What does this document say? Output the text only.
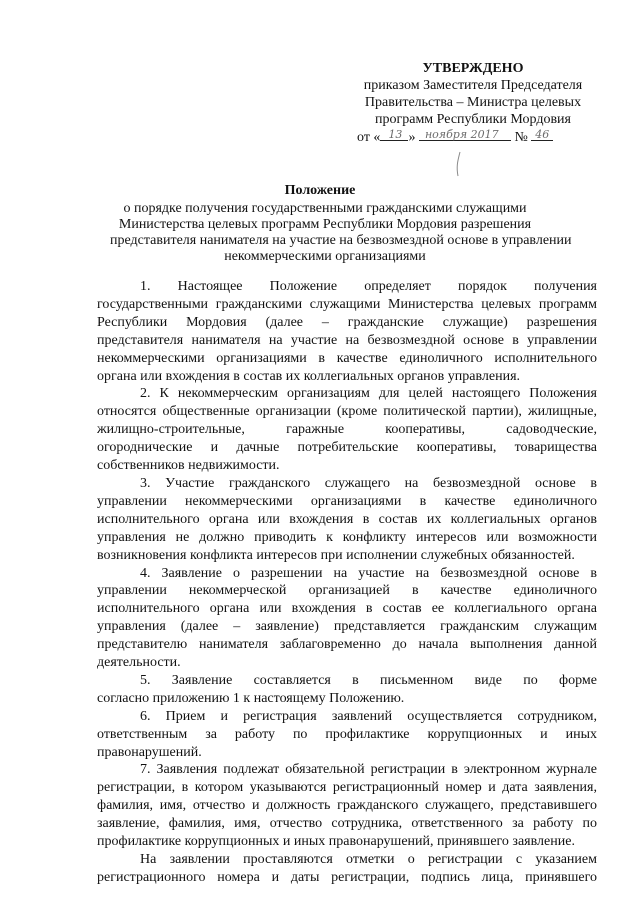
УТВЕРЖДЕНО
приказом Заместителя Председателя
Правительства – Министра целевых
программ Республики Мордовия
от « 13 » ноября 2017 № 46
Положение
о порядке получения государственными гражданскими служащими
Министерства целевых программ Республики Мордовия разрешения
представителя нанимателя на участие на безвозмездной основе в управлении
некоммерческими организациями
1. Настоящее Положение определяет порядок получения
государственными гражданскими служащими Министерства целевых программ
Республики Мордовия (далее – гражданские служащие) разрешения
представителя нанимателя на участие на безвозмездной основе в управлении
некоммерческими организациями в качестве единоличного исполнительного
органа или вхождения в состав их коллегиальных органов управления.
2. К некоммерческим организациям для целей настоящего Положения
относятся общественные организации (кроме политической партии), жилищные,
жилищно-строительные, гаражные кооперативы, садоводческие,
огороднические и дачные потребительские кооперативы, товарищества
собственников недвижимости.
3. Участие гражданского служащего на безвозмездной основе в
управлении некоммерческими организациями в качестве единоличного
исполнительного органа или вхождения в состав их коллегиальных органов
управления не должно приводить к конфликту интересов или возможности
возникновения конфликта интересов при исполнении служебных обязанностей.
4. Заявление о разрешении на участие на безвозмездной основе в
управлении некоммерческой организацией в качестве единоличного
исполнительного органа или вхождения в состав ее коллегиального органа
управления (далее – заявление) представляется гражданским служащим
представителю нанимателя заблаговременно до начала выполнения данной
деятельности.
5. Заявление составляется в письменном виде по форме
согласно приложению 1 к настоящему Положению.
6. Прием и регистрация заявлений осуществляется сотрудником,
ответственным за работу по профилактике коррупционных и иных
правонарушений.
7. Заявления подлежат обязательной регистрации в электронном журнале
регистрации, в котором указываются регистрационный номер и дата заявления,
фамилия, имя, отчество и должность гражданского служащего, представившего
заявление, фамилия, имя, отчество сотрудника, ответственного за работу по
профилактике коррупционных и иных правонарушений, принявшего заявление.
На заявлении проставляются отметки о регистрации с указанием
регистрационного номера и даты регистрации, подпись лица, принявшего
